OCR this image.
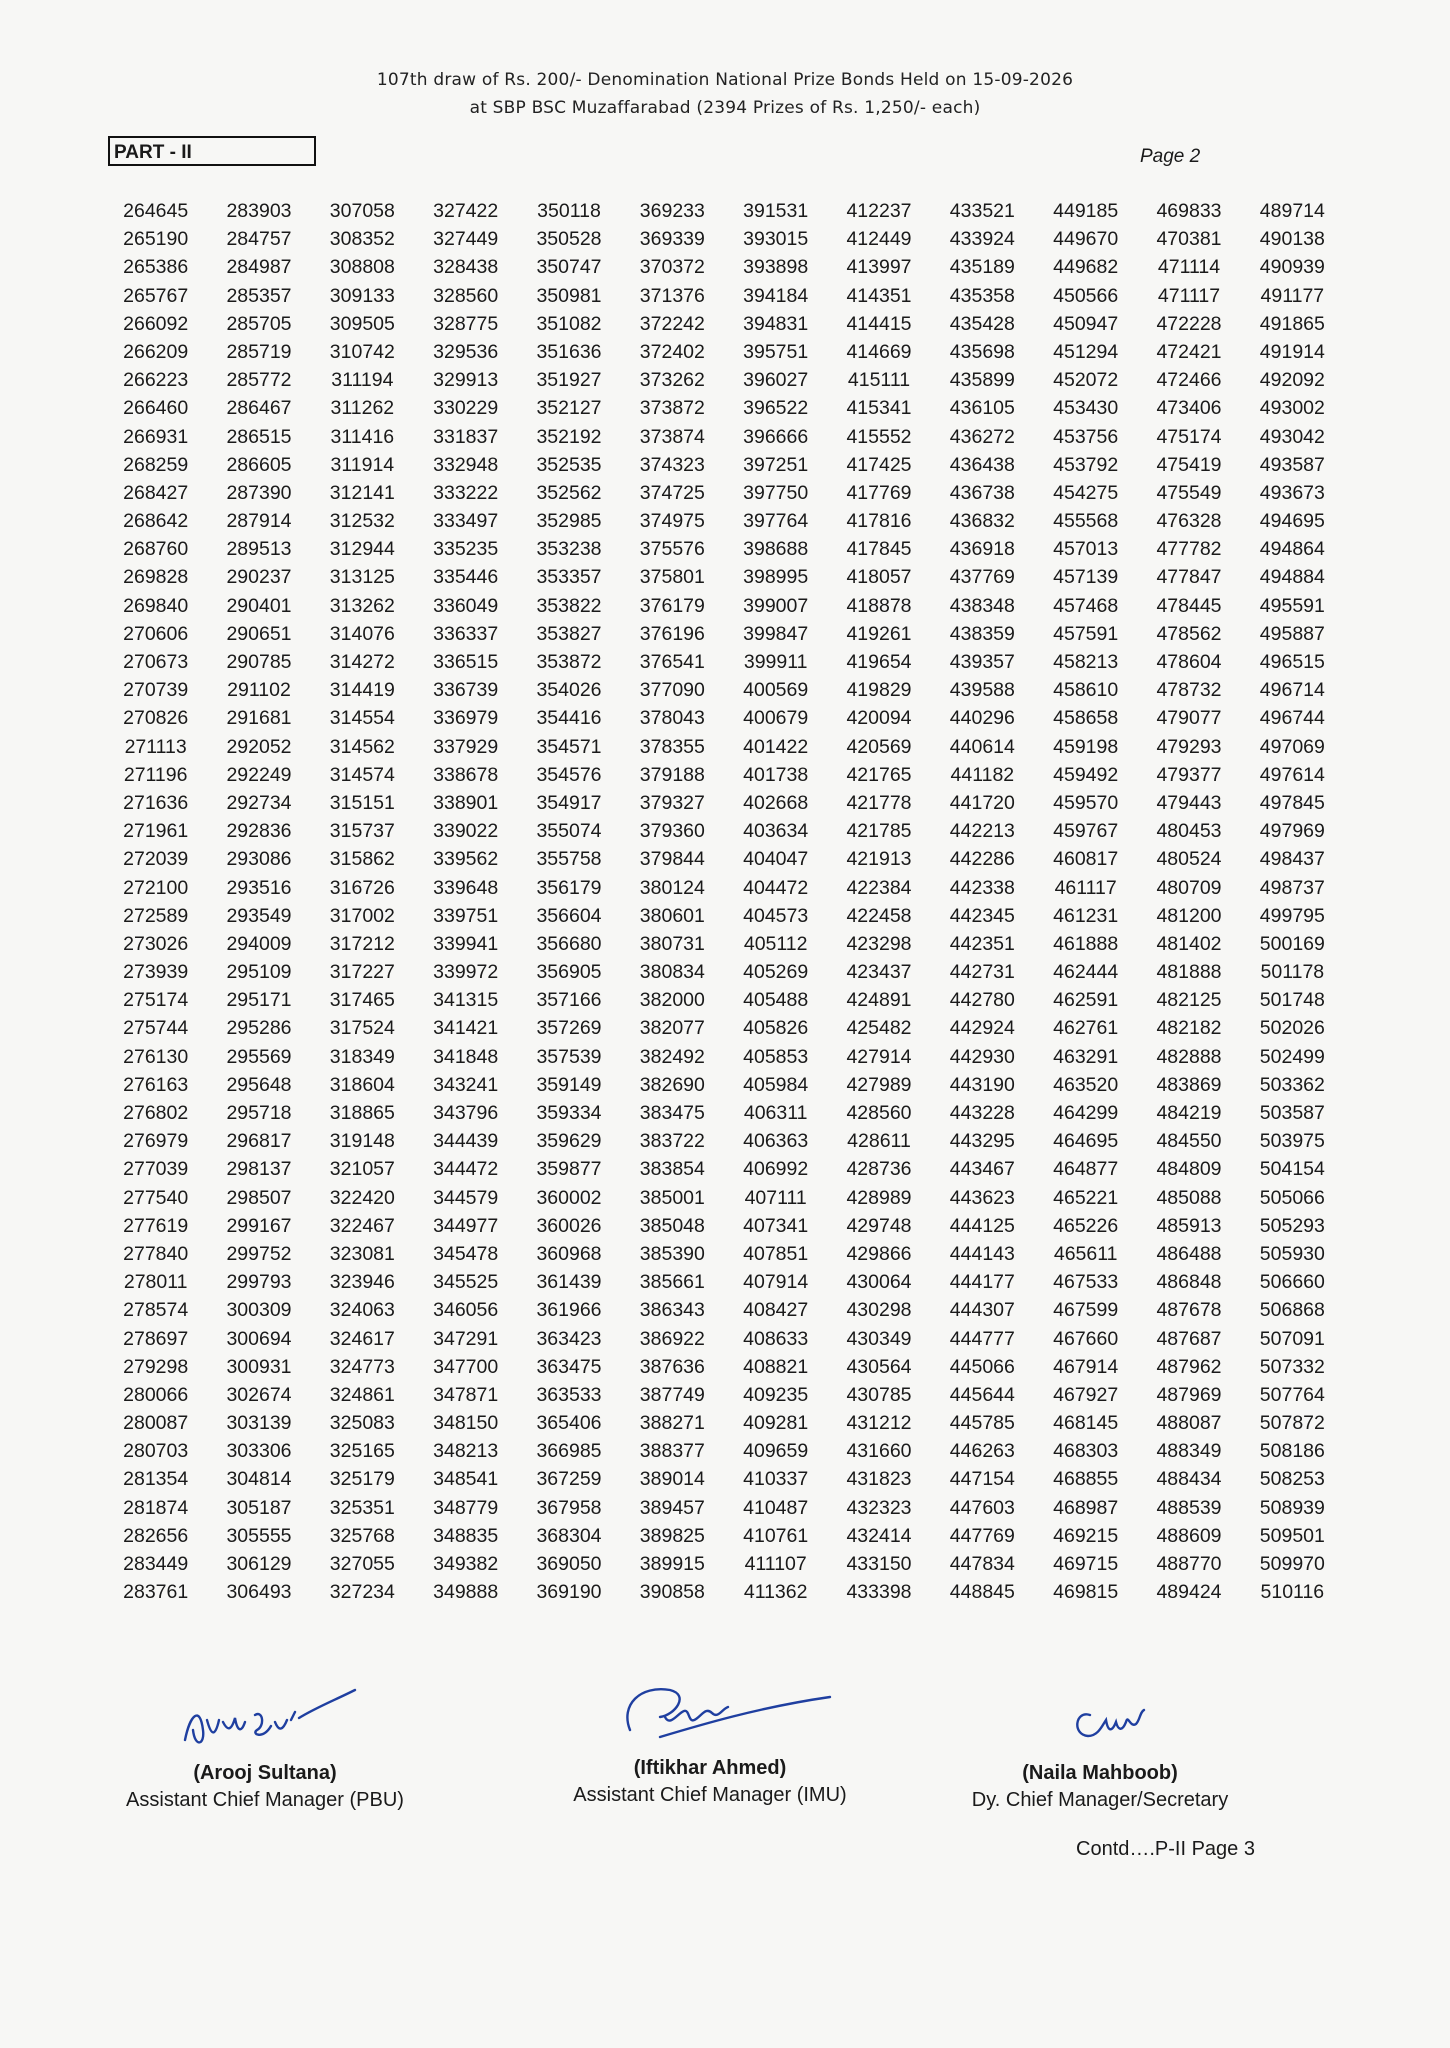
107th draw of Rs. 200/- Denomination National Prize Bonds Held on 15-09-2026
at SBP BSC Muzaffarabad (2394 Prizes of Rs. 1,250/- each)
PART - II	Page 2
264645
265190
265386
265767
266092
266209
266223
266460
266931
268259
268427
268642
268760
269828
269840
270606
270673
270739
270826
271113
271196
271636
271961
272039
272100
272589
273026
273939
275174
275744
276130
276163
276802
276979
277039
277540
277619
277840
278011
278574
278697
279298
280066
280087
280703
281354
281874
282656
283449
283761
283903
284757
284987
285357
285705
285719
285772
286467
286515
286605
287390
287914
289513
290237
290401
290651
290785
291102
291681
292052
292249
292734
292836
293086
293516
293549
294009
295109
295171
295286
295569
295648
295718
296817
298137
298507
299167
299752
299793
300309
300694
300931
302674
303139
303306
304814
305187
305555
306129
306493
307058
308352
308808
309133
309505
310742
311194
311262
311416
311914
312141
312532
312944
313125
313262
314076
314272
314419
314554
314562
314574
315151
315737
315862
316726
317002
317212
317227
317465
317524
318349
318604
318865
319148
321057
322420
322467
323081
323946
324063
324617
324773
324861
325083
325165
325179
325351
325768
327055
327234
327422
327449
328438
328560
328775
329536
329913
330229
331837
332948
333222
333497
335235
335446
336049
336337
336515
336739
336979
337929
338678
338901
339022
339562
339648
339751
339941
339972
341315
341421
341848
343241
343796
344439
344472
344579
344977
345478
345525
346056
347291
347700
347871
348150
348213
348541
348779
348835
349382
349888
350118
350528
350747
350981
351082
351636
351927
352127
352192
352535
352562
352985
353238
353357
353822
353827
353872
354026
354416
354571
354576
354917
355074
355758
356179
356604
356680
356905
357166
357269
357539
359149
359334
359629
359877
360002
360026
360968
361439
361966
363423
363475
363533
365406
366985
367259
367958
368304
369050
369190
369233
369339
370372
371376
372242
372402
373262
373872
373874
374323
374725
374975
375576
375801
376179
376196
376541
377090
378043
378355
379188
379327
379360
379844
380124
380601
380731
380834
382000
382077
382492
382690
383475
383722
383854
385001
385048
385390
385661
386343
386922
387636
387749
388271
388377
389014
389457
389825
389915
390858
391531
393015
393898
394184
394831
395751
396027
396522
396666
397251
397750
397764
398688
398995
399007
399847
399911
400569
400679
401422
401738
402668
403634
404047
404472
404573
405112
405269
405488
405826
405853
405984
406311
406363
406992
407111
407341
407851
407914
408427
408633
408821
409235
409281
409659
410337
410487
410761
411107
411362
412237
412449
413997
414351
414415
414669
415111
415341
415552
417425
417769
417816
417845
418057
418878
419261
419654
419829
420094
420569
421765
421778
421785
421913
422384
422458
423298
423437
424891
425482
427914
427989
428560
428611
428736
428989
429748
429866
430064
430298
430349
430564
430785
431212
431660
431823
432323
432414
433150
433398
433521
433924
435189
435358
435428
435698
435899
436105
436272
436438
436738
436832
436918
437769
438348
438359
439357
439588
440296
440614
441182
441720
442213
442286
442338
442345
442351
442731
442780
442924
442930
443190
443228
443295
443467
443623
444125
444143
444177
444307
444777
445066
445644
445785
446263
447154
447603
447769
447834
448845
449185
449670
449682
450566
450947
451294
452072
453430
453756
453792
454275
455568
457013
457139
457468
457591
458213
458610
458658
459198
459492
459570
459767
460817
461117
461231
461888
462444
462591
462761
463291
463520
464299
464695
464877
465221
465226
465611
467533
467599
467660
467914
467927
468145
468303
468855
468987
469215
469715
469815
469833
470381
471114
471117
472228
472421
472466
473406
475174
475419
475549
476328
477782
477847
478445
478562
478604
478732
479077
479293
479377
479443
480453
480524
480709
481200
481402
481888
482125
482182
482888
483869
484219
484550
484809
485088
485913
486488
486848
487678
487687
487962
487969
488087
488349
488434
488539
488609
488770
489424
489714
490138
490939
491177
491865
491914
492092
493002
493042
493587
493673
494695
494864
494884
495591
495887
496515
496714
496744
497069
497614
497845
497969
498437
498737
499795
500169
501178
501748
502026
502499
503362
503587
503975
504154
505066
505293
505930
506660
506868
507091
507332
507764
507872
508186
508253
508939
509501
509970
510116
(Arooj Sultana)
Assistant Chief Manager (PBU)
(Iftikhar Ahmed)
Assistant Chief Manager (IMU)
(Naila Mahboob)
Dy. Chief Manager/Secretary
Contd….P-II Page 3
